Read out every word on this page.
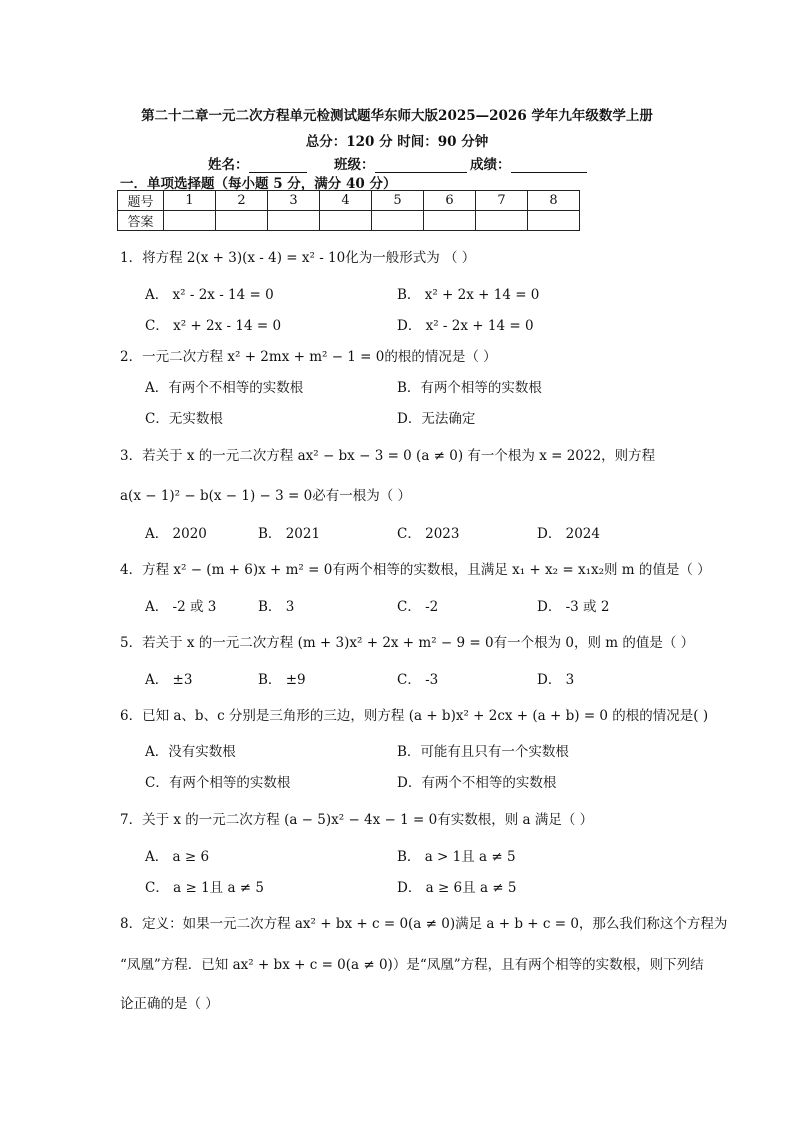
第二十二章一元二次方程单元检测试题华东师大版2025—2026 学年九年级数学上册
总分：120 分 时间：90 分钟
姓名：	班级：	成绩：
一．单项选择题（每小题 5 分，满分 40 分）
题号	1	2	3	4	5	6	7	8
答案								
1．将方程 2(x + 3)(x - 4) = x² - 10化为一般形式为 （ ）
A． x² - 2x - 14 = 0	B． x² + 2x + 14 = 0
C． x² + 2x - 14 = 0	D． x² - 2x + 14 = 0
2．一元二次方程 x² + 2mx + m² − 1 = 0的根的情况是（ ）
A．有两个不相等的实数根	B．有两个相等的实数根
C．无实数根	D．无法确定
3．若关于 x 的一元二次方程 ax² − bx − 3 = 0 (a ≠ 0) 有一个根为 x = 2022，则方程
a(x − 1)² − b(x − 1) − 3 = 0必有一根为（ ）
A． 2020	B． 2021	C． 2023	D． 2024
4．方程 x² − (m + 6)x + m² = 0有两个相等的实数根，且满足 x₁ + x₂ = x₁x₂则 m 的值是（ ）
A． -2 或 3	B． 3	C． -2	D． -3 或 2
5．若关于 x 的一元二次方程 (m + 3)x² + 2x + m² − 9 = 0有一个根为 0，则 m 的值是（ ）
A． ±3	B． ±9	C． -3	D． 3
6．已知 a、b、c 分别是三角形的三边，则方程 (a + b)x² + 2cx + (a + b) = 0 的根的情况是( )
A．没有实数根	B．可能有且只有一个实数根
C．有两个相等的实数根	D．有两个不相等的实数根
7．关于 x 的一元二次方程 (a − 5)x² − 4x − 1 = 0有实数根，则 a 满足（ ）
A． a ≥ 6	B． a > 1且 a ≠ 5
C． a ≥ 1且 a ≠ 5	D． a ≥ 6且 a ≠ 5
8．定义：如果一元二次方程 ax² + bx + c = 0(a ≠ 0)满足 a + b + c = 0，那么我们称这个方程为
“凤凰”方程．已知 ax² + bx + c = 0(a ≠ 0)）是“凤凰”方程，且有两个相等的实数根，则下列结
论正确的是（ ）
